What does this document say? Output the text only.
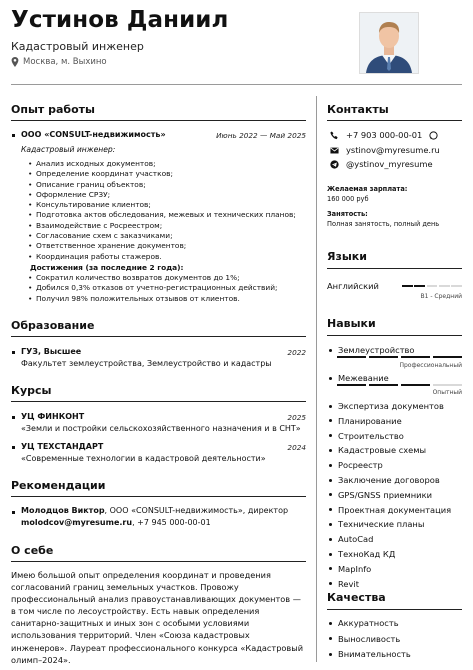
Устинов Даниил
Кадастровый инженер
Москва, м. Выхино
Опыт работы
ООО «CONSULT-недвижимость»	Июнь 2022 — Май 2025
Кадастровый инженер:
• Анализ исходных документов;
• Определение координат участков;
• Описание границ объектов;
• Оформление СРЗУ;
• Консультирование клиентов;
• Подготовка актов обследования, межевых и технических планов;
• Взаимодействие с Росреестром;
• Согласование схем с заказчиками;
• Ответственное хранение документов;
• Координация работы стажеров.
Достижения (за последние 2 года):
• Сократил количество возвратов документов до 1%;
• Добился 0,3% отказов от учетно-регистрационных действий;
• Получил 98% положительных отзывов от клиентов.
Образование
ГУЗ, Высшее	2022
Факультет землеустройства, Землеустройство и кадастры
Курсы
УЦ ФИНКОНТ	2025
«Земли и постройки сельскохозяйственного назначения и в СНТ»
УЦ ТЕХСТАНДАРТ	2024
«Современные технологии в кадастровой деятельности»
Рекомендации
Молодцов Виктор, ООО «CONSULT-недвижимость», директор
molodcov@myresume.ru, +7 945 000-00-01
О себе
Имею большой опыт определения координат и проведения согласований границ земельных участков. Провожу профессиональный анализ правоустанавливающих документов — в том числе по лесоустройству. Есть навык определения санитарно-защитных и иных зон с особыми условиями использования территорий. Член «Союза кадастровых инженеров». Лауреат профессионального конкурса «Кадастровый олимп–2024».
Контакты
+7 903 000-00-01
ystinov@myresume.ru
@ystinov_myresume
Желаемая зарплата:
160 000 руб
Занятость:
Полная занятость, полный день
Языки
Английский
B1 - Средний
Навыки
Землеустройство
Профессиональный
Межевание
Опытный
Экспертиза документов
Планирование
Строительство
Кадастровые схемы
Росреестр
Заключение договоров
GPS/GNSS приемники
Проектная документация
Технические планы
AutoCad
ТехноКад КД
MapInfo
Revit
Качества
Аккуратность
Выносливость
Внимательность
